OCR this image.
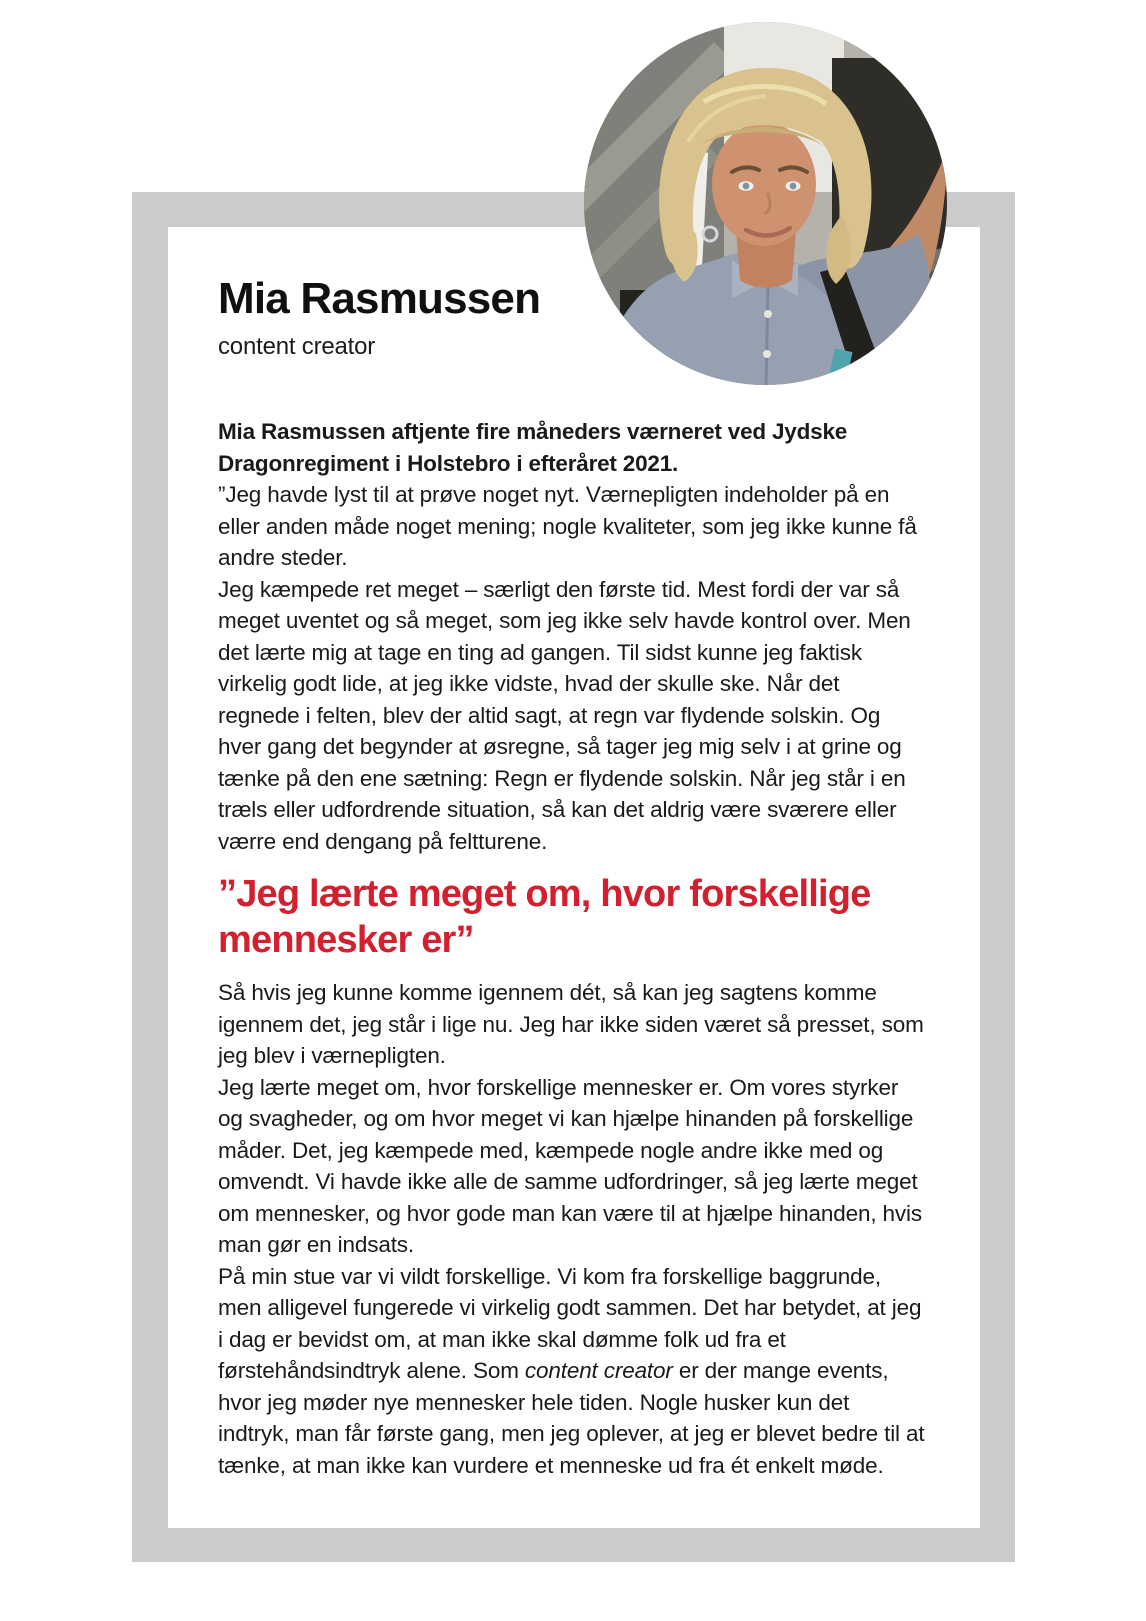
Mia Rasmussen
content creator

Mia Rasmussen aftjente fire måneders værneret ved Jydske Dragonregiment i Holstebro i efteråret 2021.

”Jeg havde lyst til at prøve noget nyt. Værnepligten indeholder på en eller anden måde noget mening; nogle kvaliteter, som jeg ikke kunne få andre steder.

Jeg kæmpede ret meget – særligt den første tid. Mest fordi der var så meget uventet og så meget, som jeg ikke selv havde kontrol over. Men det lærte mig at tage en ting ad gangen. Til sidst kunne jeg faktisk virkelig godt lide, at jeg ikke vidste, hvad der skulle ske. Når det regnede i felten, blev der altid sagt, at regn var flydende solskin. Og hver gang det begynder at øsregne, så tager jeg mig selv i at grine og tænke på den ene sætning: Regn er flydende solskin. Når jeg står i en træls eller udfordrende situation, så kan det aldrig være sværere eller værre end dengang på feltturene.

”Jeg lærte meget om, hvor forskellige mennesker er”

Så hvis jeg kunne komme igennem dét, så kan jeg sagtens komme igennem det, jeg står i lige nu. Jeg har ikke siden været så presset, som jeg blev i værnepligten.

Jeg lærte meget om, hvor forskellige mennesker er. Om vores styrker og svagheder, og om hvor meget vi kan hjælpe hinanden på forskellige måder. Det, jeg kæmpede med, kæmpede nogle andre ikke med og omvendt. Vi havde ikke alle de samme udfordringer, så jeg lærte meget om mennesker, og hvor gode man kan være til at hjælpe hinanden, hvis man gør en indsats.

På min stue var vi vildt forskellige. Vi kom fra forskellige baggrunde, men alligevel fungerede vi virkelig godt sammen. Det har betydet, at jeg i dag er bevidst om, at man ikke skal dømme folk ud fra et førstehåndsindtryk alene. Som content creator er der mange events, hvor jeg møder nye mennesker hele tiden. Nogle husker kun det indtryk, man får første gang, men jeg oplever, at jeg er blevet bedre til at tænke, at man ikke kan vurdere et menneske ud fra ét enkelt møde.
